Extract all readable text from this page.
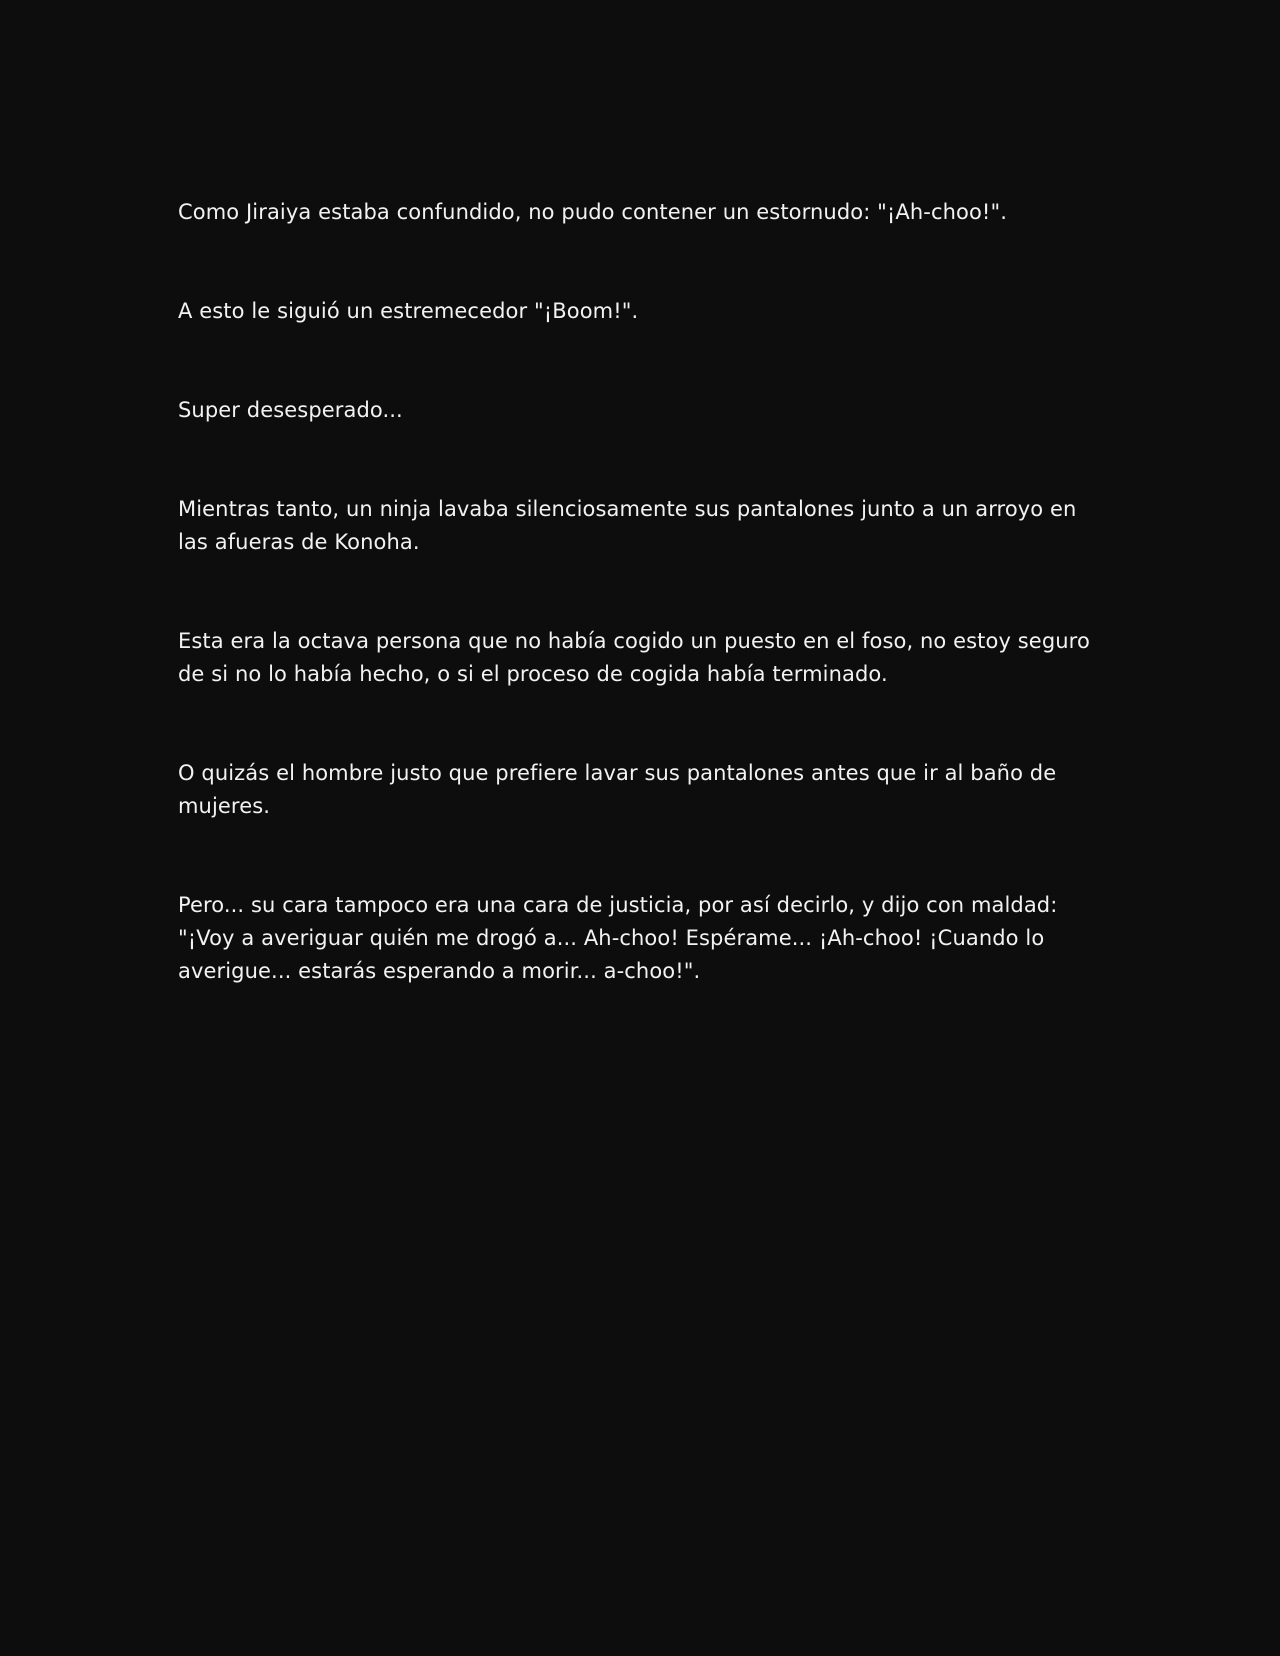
Como Jiraiya estaba confundido, no pudo contener un estornudo: "¡Ah-choo!".

A esto le siguió un estremecedor "¡Boom!".

Super desesperado...

Mientras tanto, un ninja lavaba silenciosamente sus pantalones junto a un arroyo en las afueras de Konoha.

Esta era la octava persona que no había cogido un puesto en el foso, no estoy seguro de si no lo había hecho, o si el proceso de cogida había terminado.

O quizás el hombre justo que prefiere lavar sus pantalones antes que ir al baño de mujeres.

Pero... su cara tampoco era una cara de justicia, por así decirlo, y dijo con maldad: "¡Voy a averiguar quién me drogó a... Ah-choo! Espérame... ¡Ah-choo! ¡Cuando lo averigue... estarás esperando a morir... a-choo!".
